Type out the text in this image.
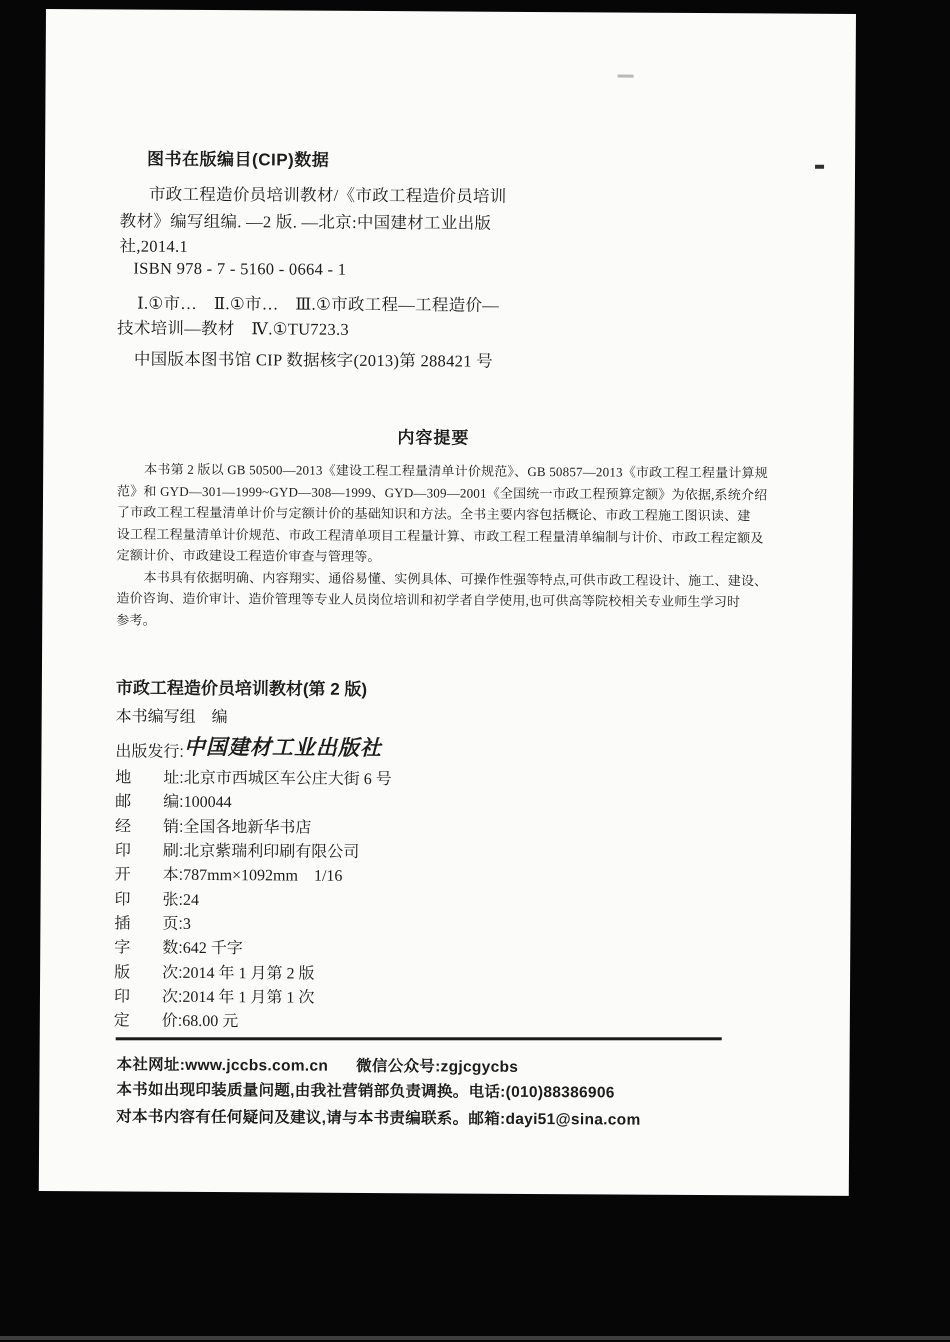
图书在版编目(CIP)数据
市政工程造价员培训教材/《市政工程造价员培训
教材》编写组编. —2 版. —北京:中国建材工业出版
社,2014.1
ISBN 978 - 7 - 5160 - 0664 - 1
Ⅰ.①市…　Ⅱ.①市…　Ⅲ.①市政工程—工程造价—
技术培训—教材　Ⅳ.①TU723.3
中国版本图书馆 CIP 数据核字(2013)第 288421 号
内容提要
本书第 2 版以 GB 50500—2013《建设工程工程量清单计价规范》、GB 50857—2013《市政工程工程量计算规
范》和 GYD—301—1999~GYD—308—1999、GYD—309—2001《全国统一市政工程预算定额》为依据,系统介绍
了市政工程工程量清单计价与定额计价的基础知识和方法。全书主要内容包括概论、市政工程施工图识读、建
设工程工程量清单计价规范、市政工程清单项目工程量计算、市政工程工程量清单编制与计价、市政工程定额及
定额计价、市政建设工程造价审查与管理等。
本书具有依据明确、内容翔实、通俗易懂、实例具体、可操作性强等特点,可供市政工程设计、施工、建设、
造价咨询、造价审计、造价管理等专业人员岗位培训和初学者自学使用,也可供高等院校相关专业师生学习时
参考。
市政工程造价员培训教材(第 2 版)
本书编写组　编
出版发行: 中国建材工业出版社
地　　址: 北京市西城区车公庄大街 6 号
邮　　编: 100044
经　　销: 全国各地新华书店
印　　刷: 北京紫瑞利印刷有限公司
开　　本: 787mm×1092mm　1/16
印　　张: 24
插　　页: 3
字　　数: 642 千字
版　　次: 2014 年 1 月第 2 版
印　　次: 2014 年 1 月第 1 次
定　　价: 68.00 元
本社网址:www.jccbs.com.cn 微信公众号:zgjcgycbs
本书如出现印装质量问题,由我社营销部负责调换。电话:(010)88386906
对本书内容有任何疑问及建议,请与本书责编联系。邮箱:dayi51@sina.com
